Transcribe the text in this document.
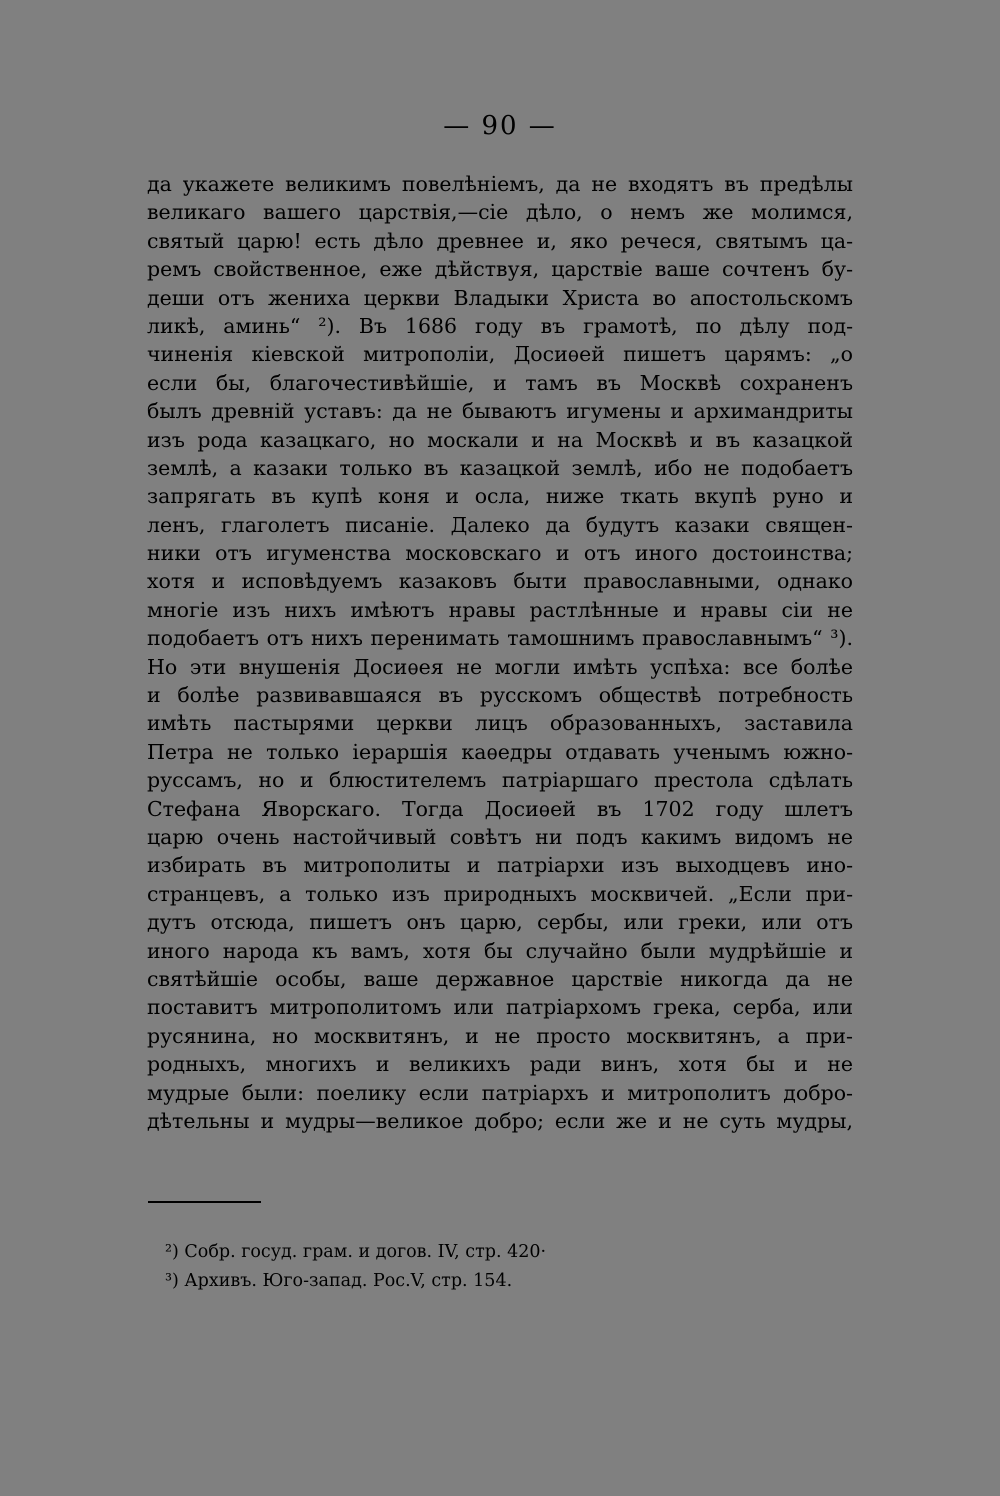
— 90 —
да укажете великимъ повелѣніемъ, да не входятъ въ предѣлы
великаго вашего царствія,—сіе дѣло, о немъ же молимся,
святый царю! есть дѣло древнее и, яко речеся, святымъ ца-
ремъ свойственное, еже дѣйствуя, царствіе ваше сочтенъ бу-
деши отъ жениха церкви Владыки Христа во апостольскомъ
ликѣ, аминь“ ²). Въ 1686 году въ грамотѣ, по дѣлу под-
чиненія кіевской митрополіи, Досиѳей пишетъ царямъ: „о
если бы, благочестивѣйшіе, и тамъ въ Москвѣ сохраненъ
былъ древній уставъ: да не бываютъ игумены и архимандриты
изъ рода казацкаго, но москали и на Москвѣ и въ казацкой
землѣ, а казаки только въ казацкой землѣ, ибо не подобаетъ
запрягать въ купѣ коня и осла, ниже ткать вкупѣ руно и
ленъ, глаголетъ писаніе. Далеко да будутъ казаки священ-
ники отъ игуменства московскаго и отъ иного достоинства;
хотя и исповѣдуемъ казаковъ быти православными, однако
многіе изъ нихъ имѣютъ нравы растлѣнные и нравы сіи не
подобаетъ отъ нихъ перенимать тамошнимъ православнымъ“ ³).
Но эти внушенія Досиѳея не могли имѣть успѣха: все болѣе
и болѣе развивавшаяся въ русскомъ обществѣ потребность
имѣть пастырями церкви лицъ образованныхъ, заставила
Петра не только іераршія каѳедры отдавать ученымъ южно-
руссамъ, но и блюстителемъ патріаршаго престола сдѣлать
Стефана Яворскаго. Тогда Досиѳей въ 1702 году шлетъ
царю очень настойчивый совѣтъ ни подъ какимъ видомъ не
избирать въ митрополиты и патріархи изъ выходцевъ ино-
странцевъ, а только изъ природныхъ москвичей. „Если при-
дутъ отсюда, пишетъ онъ царю, сербы, или греки, или отъ
иного народа къ вамъ, хотя бы случайно были мудрѣйшіе и
святѣйшіе особы, ваше державное царствіе никогда да не
поставитъ митрополитомъ или патріархомъ грека, серба, или
русянина, но москвитянъ, и не просто москвитянъ, а при-
родныхъ, многихъ и великихъ ради винъ, хотя бы и не
мудрые были: поелику если патріархъ и митрополитъ добро-
дѣтельны и мудры—великое добро; если же и не суть мудры,
²) Собр. госуд. грам. и догов. IV, стр. 420·
³) Архивъ. Юго-запад. Рос.V, стр. 154.
